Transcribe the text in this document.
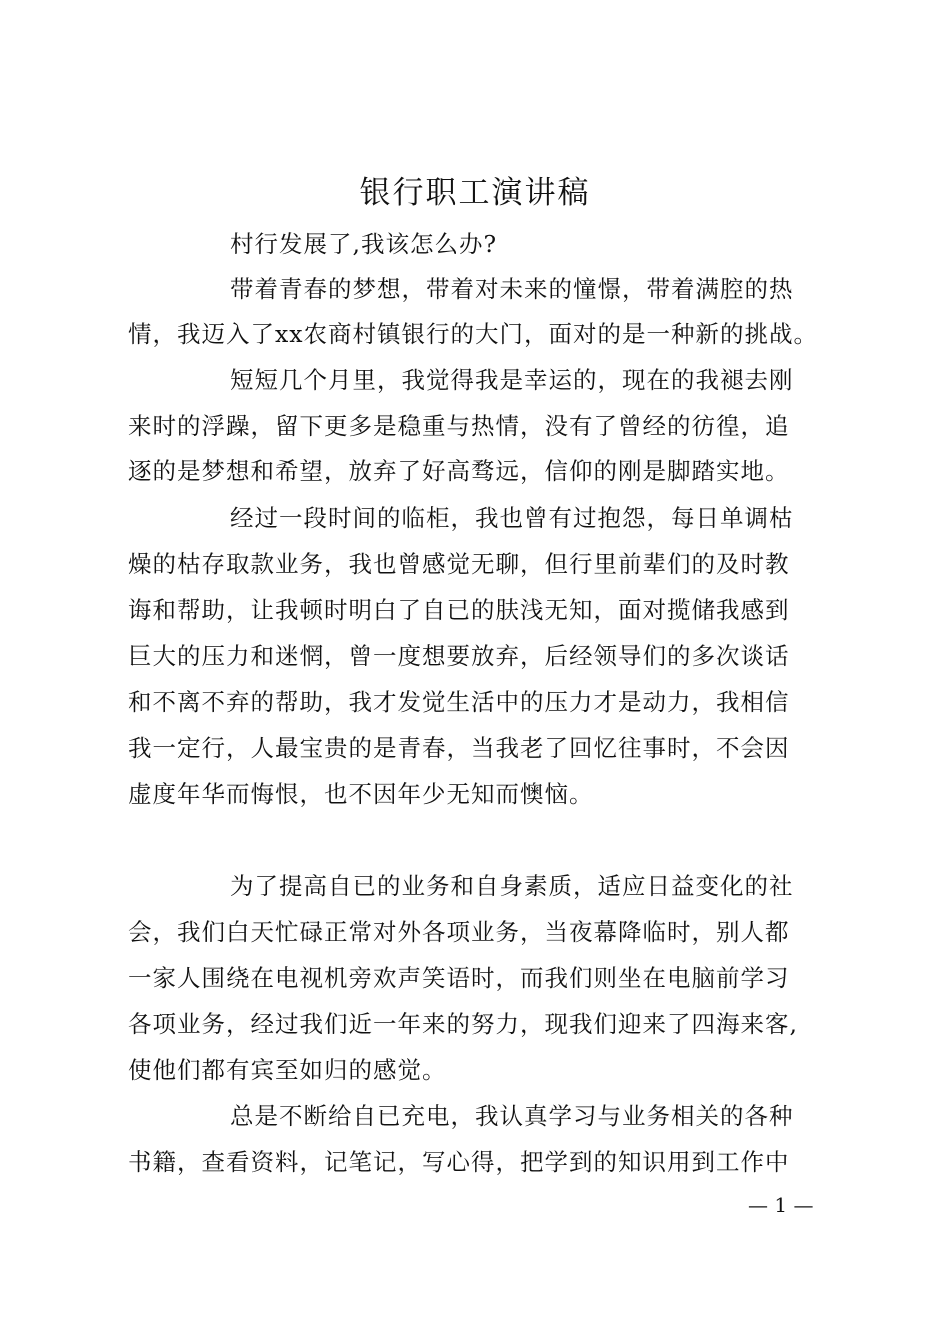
银行职工演讲稿
村行发展了,我该怎么办?
带着青春的梦想，带着对未来的憧憬，带着满腔的热
情，我迈入了xx农商村镇银行的大门，面对的是一种新的挑战。
短短几个月里，我觉得我是幸运的，现在的我褪去刚
来时的浮躁，留下更多是稳重与热情，没有了曾经的彷徨，追
逐的是梦想和希望，放弃了好高骛远，信仰的刚是脚踏实地。
经过一段时间的临柜，我也曾有过抱怨，每日单调枯
燥的枯存取款业务，我也曾感觉无聊，但行里前辈们的及时教
诲和帮助，让我顿时明白了自已的肤浅无知，面对揽储我感到
巨大的压力和迷惘，曾一度想要放弃，后经领导们的多次谈话
和不离不弃的帮助，我才发觉生活中的压力才是动力，我相信
我一定行，人最宝贵的是青春，当我老了回忆往事时，不会因
虚度年华而悔恨，也不因年少无知而懊恼。
为了提高自已的业务和自身素质，适应日益变化的社
会，我们白天忙碌正常对外各项业务，当夜幕降临时，别人都
一家人围绕在电视机旁欢声笑语时，而我们则坐在电脑前学习
各项业务，经过我们近一年来的努力，现我们迎来了四海来客,
使他们都有宾至如归的感觉。
总是不断给自已充电，我认真学习与业务相关的各种
书籍，查看资料，记笔记，写心得，把学到的知识用到工作中
— 1 —
